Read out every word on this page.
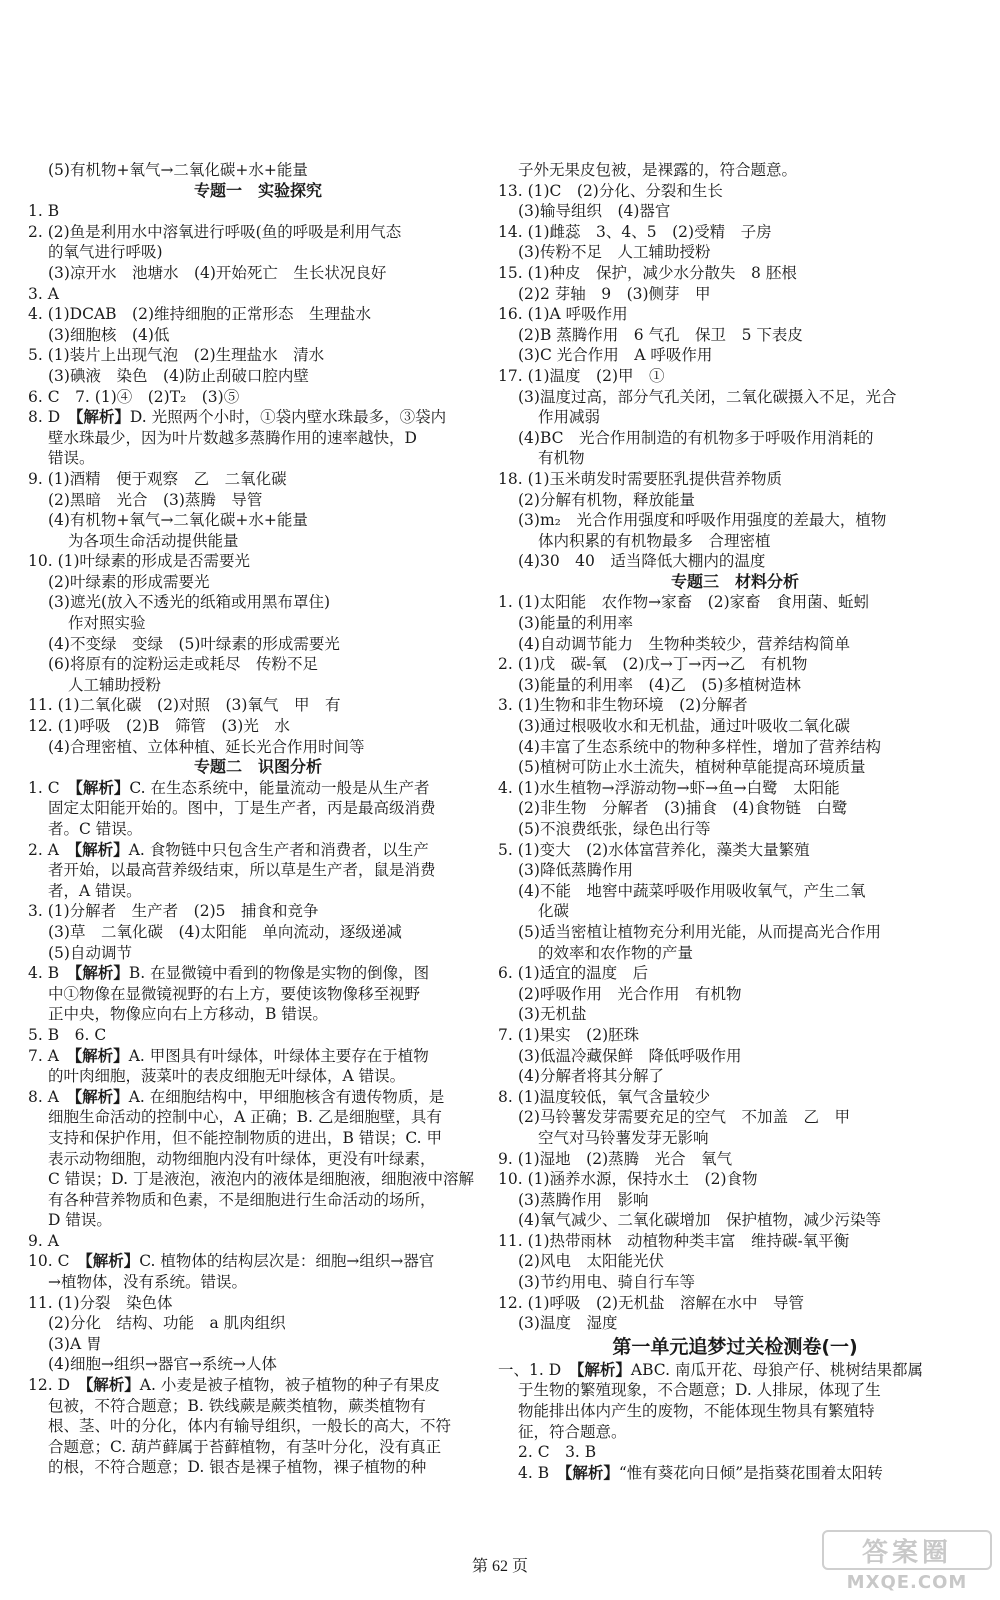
(5)有机物+氧气→二氧化碳+水+能量
专题一　实验探究
1. B
2. (2)鱼是利用水中溶氧进行呼吸(鱼的呼吸是利用气态
的氧气进行呼吸)
(3)凉开水　池塘水　(4)开始死亡　生长状况良好
3. A
4. (1)DCAB　(2)维持细胞的正常形态　生理盐水
(3)细胞核　(4)低
5. (1)装片上出现气泡　(2)生理盐水　清水
(3)碘液　染色　(4)防止刮破口腔内壁
6. C　7. (1)④　(2)T₂　(3)⑤
8. D　【解析】D. 光照两个小时，①袋内壁水珠最多，③袋内
壁水珠最少，因为叶片数越多蒸腾作用的速率越快，D
错误。
9. (1)酒精　便于观察　乙　二氧化碳
(2)黑暗　光合　(3)蒸腾　导管
(4)有机物+氧气→二氧化碳+水+能量
为各项生命活动提供能量
10. (1)叶绿素的形成是否需要光
(2)叶绿素的形成需要光
(3)遮光(放入不透光的纸箱或用黑布罩住)
作对照实验
(4)不变绿　变绿　(5)叶绿素的形成需要光
(6)将原有的淀粉运走或耗尽　传粉不足
人工辅助授粉
11. (1)二氧化碳　(2)对照　(3)氧气　甲　有
12. (1)呼吸　(2)B　筛管　(3)光　水
(4)合理密植、立体种植、延长光合作用时间等
专题二　识图分析
1. C　【解析】C. 在生态系统中，能量流动一般是从生产者
固定太阳能开始的。图中，丁是生产者，丙是最高级消费
者。C 错误。
2. A　【解析】A. 食物链中只包含生产者和消费者，以生产
者开始，以最高营养级结束，所以草是生产者，鼠是消费
者，A 错误。
3. (1)分解者　生产者　(2)5　捕食和竞争
(3)草　二氧化碳　(4)太阳能　单向流动，逐级递减
(5)自动调节
4. B　【解析】B. 在显微镜中看到的物像是实物的倒像，图
中①物像在显微镜视野的右上方，要使该物像移至视野
正中央，物像应向右上方移动，B 错误。
5. B　6. C
7. A　【解析】A. 甲图具有叶绿体，叶绿体主要存在于植物
的叶肉细胞，菠菜叶的表皮细胞无叶绿体，A 错误。
8. A　【解析】A. 在细胞结构中，甲细胞核含有遗传物质，是
细胞生命活动的控制中心，A 正确；B. 乙是细胞壁，具有
支持和保护作用，但不能控制物质的进出，B 错误；C. 甲
表示动物细胞，动物细胞内没有叶绿体，更没有叶绿素，
C 错误；D. 丁是液泡，液泡内的液体是细胞液，细胞液中溶解
有各种营养物质和色素，不是细胞进行生命活动的场所，
D 错误。
9. A
10. C　【解析】C. 植物体的结构层次是：细胞→组织→器官
→植物体，没有系统。错误。
11. (1)分裂　染色体
(2)分化　结构、功能　a 肌肉组织
(3)A 胃
(4)细胞→组织→器官→系统→人体
12. D　【解析】A. 小麦是被子植物，被子植物的种子有果皮
包被，不符合题意；B. 铁线蕨是蕨类植物，蕨类植物有
根、茎、叶的分化，体内有输导组织，一般长的高大，不符
合题意；C. 葫芦藓属于苔藓植物，有茎叶分化，没有真正
的根，不符合题意；D. 银杏是裸子植物，裸子植物的种
子外无果皮包被，是裸露的，符合题意。
13. (1)C　(2)分化、分裂和生长
(3)输导组织　(4)器官
14. (1)雌蕊　3、4、5　(2)受精　子房
(3)传粉不足　人工辅助授粉
15. (1)种皮　保护，减少水分散失　8 胚根
(2)2 芽轴　9　(3)侧芽　甲
16. (1)A 呼吸作用
(2)B 蒸腾作用　6 气孔　保卫　5 下表皮
(3)C 光合作用　A 呼吸作用
17. (1)温度　(2)甲　①
(3)温度过高，部分气孔关闭，二氧化碳摄入不足，光合
作用减弱
(4)BC　光合作用制造的有机物多于呼吸作用消耗的
有机物
18. (1)玉米萌发时需要胚乳提供营养物质
(2)分解有机物，释放能量
(3)m₂　光合作用强度和呼吸作用强度的差最大，植物
体内积累的有机物最多　合理密植
(4)30　40　适当降低大棚内的温度
专题三　材料分析
1. (1)太阳能　农作物→家畜　(2)家畜　食用菌、蚯蚓
(3)能量的利用率
(4)自动调节能力　生物种类较少，营养结构简单
2. (1)戊　碳-氧　(2)戊→丁→丙→乙　有机物
(3)能量的利用率　(4)乙　(5)多植树造林
3. (1)生物和非生物环境　(2)分解者
(3)通过根吸收水和无机盐，通过叶吸收二氧化碳
(4)丰富了生态系统中的物种多样性，增加了营养结构
(5)植树可防止水土流失，植树种草能提高环境质量
4. (1)水生植物→浮游动物→虾→鱼→白鹭　太阳能
(2)非生物　分解者　(3)捕食　(4)食物链　白鹭
(5)不浪费纸张，绿色出行等
5. (1)变大　(2)水体富营养化，藻类大量繁殖
(3)降低蒸腾作用
(4)不能　地窖中蔬菜呼吸作用吸收氧气，产生二氧
化碳
(5)适当密植让植物充分利用光能，从而提高光合作用
的效率和农作物的产量
6. (1)适宜的温度　后
(2)呼吸作用　光合作用　有机物
(3)无机盐
7. (1)果实　(2)胚珠
(3)低温冷藏保鲜　降低呼吸作用
(4)分解者将其分解了
8. (1)温度较低，氧气含量较少
(2)马铃薯发芽需要充足的空气　不加盖　乙　甲
空气对马铃薯发芽无影响
9. (1)湿地　(2)蒸腾　光合　氧气
10. (1)涵养水源，保持水土　(2)食物
(3)蒸腾作用　影响
(4)氧气减少、二氧化碳增加　保护植物，减少污染等
11. (1)热带雨林　动植物种类丰富　维持碳-氧平衡
(2)风电　太阳能光伏
(3)节约用电、骑自行车等
12. (1)呼吸　(2)无机盐　溶解在水中　导管
(3)温度　湿度
第一单元追梦过关检测卷(一)
一、1. D　【解析】ABC. 南瓜开花、母狼产仔、桃树结果都属
于生物的繁殖现象，不合题意；D. 人排尿，体现了生
物能排出体内产生的废物，不能体现生物具有繁殖特
征，符合题意。
2. C　3. B
4. B　【解析】“惟有葵花向日倾”是指葵花围着太阳转
第 62 页	答案圈
MXQE.COM
